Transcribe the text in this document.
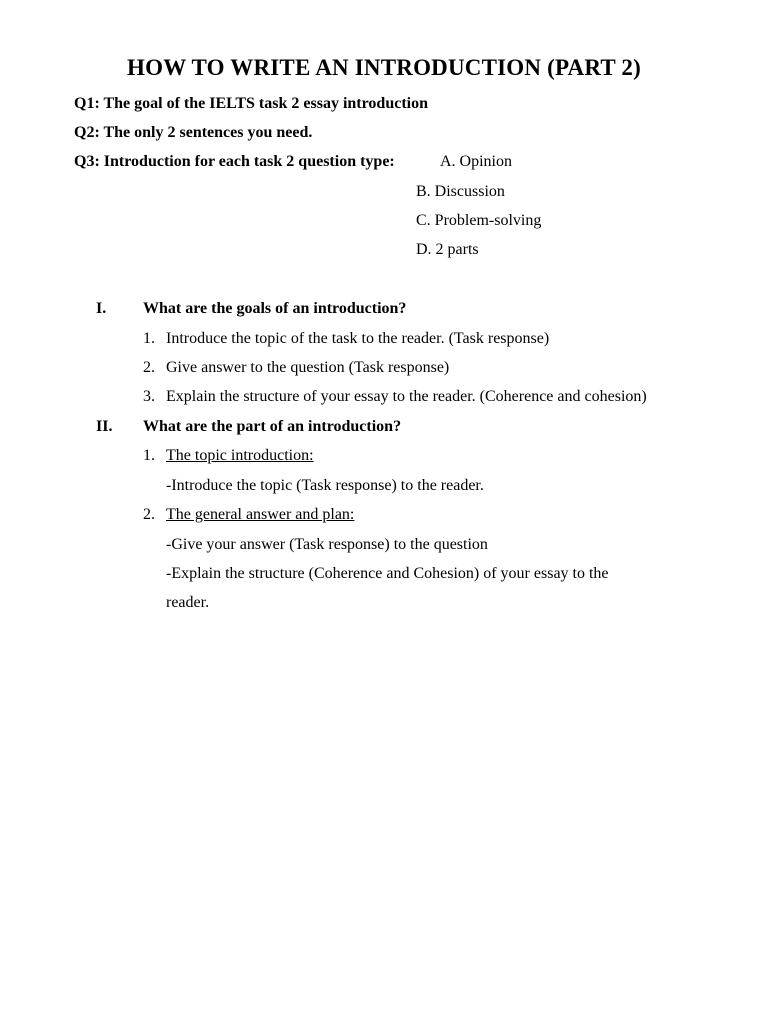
HOW TO WRITE AN INTRODUCTION (PART 2)
Q1: The goal of the IELTS task 2 essay introduction
Q2: The only 2 sentences you need.
Q3: Introduction for each task 2 question type:	A. Opinion
B. Discussion
C. Problem-solving
D. 2 parts
I. What are the goals of an introduction?
1. Introduce the topic of the task to the reader. (Task response)
2. Give answer to the question (Task response)
3. Explain the structure of your essay to the reader. (Coherence and cohesion)
II. What are the part of an introduction?
1. The topic introduction:
-Introduce the topic (Task response) to the reader.
2. The general answer and plan:
-Give your answer (Task response) to the question
-Explain the structure (Coherence and Cohesion) of your essay to the
reader.
